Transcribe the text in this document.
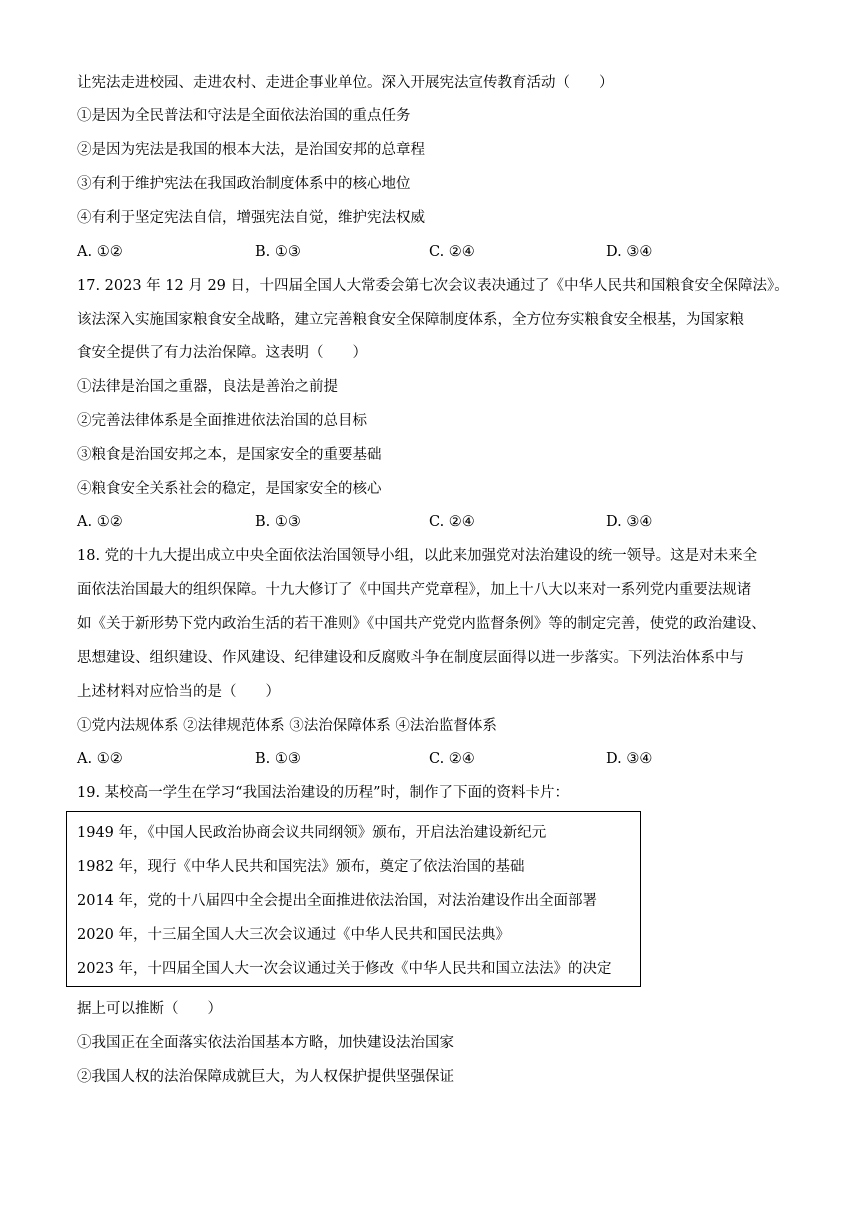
让宪法走进校园、走进农村、走进企事业单位。深入开展宪法宣传教育活动（　　）
①是因为全民普法和守法是全面依法治国的重点任务
②是因为宪法是我国的根本大法，是治国安邦的总章程
③有利于维护宪法在我国政治制度体系中的核心地位
④有利于坚定宪法自信，增强宪法自觉，维护宪法权威
A. ①②	B. ①③	C. ②④	D. ③④
17. 2023 年 12 月 29 日，十四届全国人大常委会第七次会议表决通过了《中华人民共和国粮食安全保障法》。
该法深入实施国家粮食安全战略，建立完善粮食安全保障制度体系，全方位夯实粮食安全根基，为国家粮
食安全提供了有力法治保障。这表明（　　）
①法律是治国之重器，良法是善治之前提
②完善法律体系是全面推进依法治国的总目标
③粮食是治国安邦之本，是国家安全的重要基础
④粮食安全关系社会的稳定，是国家安全的核心
A. ①②	B. ①③	C. ②④	D. ③④
18. 党的十九大提出成立中央全面依法治国领导小组，以此来加强党对法治建设的统一领导。这是对未来全
面依法治国最大的组织保障。十九大修订了《中国共产党章程》，加上十八大以来对一系列党内重要法规诸
如《关于新形势下党内政治生活的若干准则》《中国共产党党内监督条例》等的制定完善，使党的政治建设、
思想建设、组织建设、作风建设、纪律建设和反腐败斗争在制度层面得以进一步落实。下列法治体系中与
上述材料对应恰当的是（　　）
①党内法规体系 ②法律规范体系 ③法治保障体系 ④法治监督体系
A. ①②	B. ①③	C. ②④	D. ③④
19. 某校高一学生在学习“我国法治建设的历程”时，制作了下面的资料卡片：
1949 年，《中国人民政治协商会议共同纲领》颁布，开启法治建设新纪元
1982 年，现行《中华人民共和国宪法》颁布，奠定了依法治国的基础
2014 年，党的十八届四中全会提出全面推进依法治国，对法治建设作出全面部署
2020 年，十三届全国人大三次会议通过《中华人民共和国民法典》
2023 年，十四届全国人大一次会议通过关于修改《中华人民共和国立法法》的决定
据上可以推断（　　）
①我国正在全面落实依法治国基本方略，加快建设法治国家
②我国人权的法治保障成就巨大，为人权保护提供坚强保证
